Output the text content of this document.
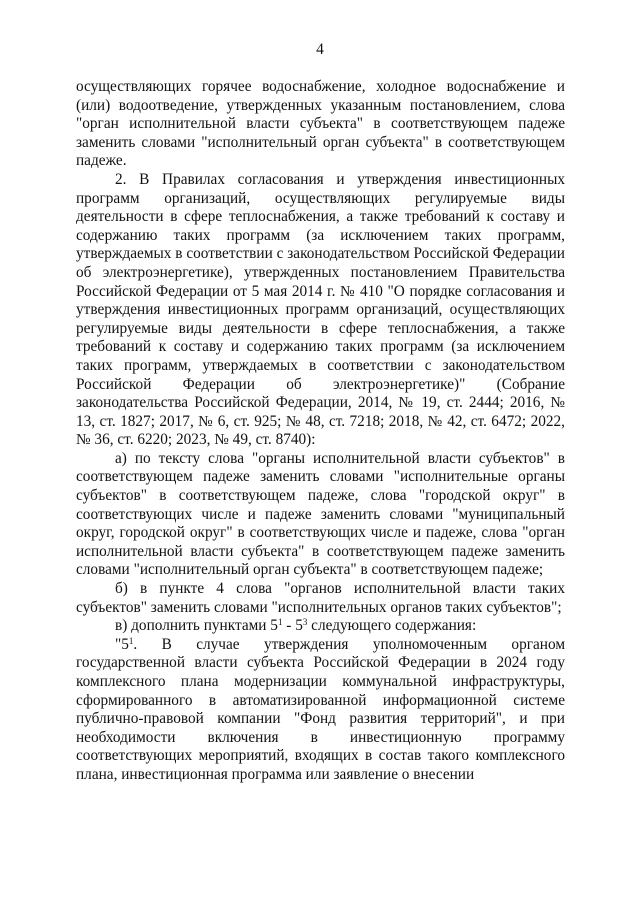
4

осуществляющих горячее водоснабжение, холодное водоснабжение и (или) водоотведение, утвержденных указанным постановлением, слова "орган исполнительной власти субъекта" в соответствующем падеже заменить словами "исполнительный орган субъекта" в соответствующем падеже.

2. В Правилах согласования и утверждения инвестиционных программ организаций, осуществляющих регулируемые виды деятельности в сфере теплоснабжения, а также требований к составу и содержанию таких программ (за исключением таких программ, утверждаемых в соответствии с законодательством Российской Федерации об электроэнергетике), утвержденных постановлением Правительства Российской Федерации от 5 мая 2014 г. № 410 "О порядке согласования и утверждения инвестиционных программ организаций, осуществляющих регулируемые виды деятельности в сфере теплоснабжения, а также требований к составу и содержанию таких программ (за исключением таких программ, утверждаемых в соответствии с законодательством Российской Федерации об электроэнергетике)" (Собрание законодательства Российской Федерации, 2014, № 19, ст. 2444; 2016, № 13, ст. 1827; 2017, № 6, ст. 925; № 48, ст. 7218; 2018, № 42, ст. 6472; 2022, № 36, ст. 6220; 2023, № 49, ст. 8740):

а) по тексту слова "органы исполнительной власти субъектов" в соответствующем падеже заменить словами "исполнительные органы субъектов" в соответствующем падеже, слова "городской округ" в соответствующих числе и падеже заменить словами "муниципальный округ, городской округ" в соответствующих числе и падеже, слова "орган исполнительной власти субъекта" в соответствующем падеже заменить словами "исполнительный орган субъекта" в соответствующем падеже;

б) в пункте 4 слова "органов исполнительной власти таких субъектов" заменить словами "исполнительных органов таких субъектов";

в) дополнить пунктами $5^1 - 5^3$ следующего содержания:

"$5^1$. В случае утверждения уполномоченным органом государственной власти субъекта Российской Федерации в 2024 году комплексного плана модернизации коммунальной инфраструктуры, сформированного в автоматизированной информационной системе публично-правовой компании "Фонд развития территорий", и при необходимости включения в инвестиционную программу соответствующих мероприятий, входящих в состав такого комплексного плана, инвестиционная программа или заявление о внесении
